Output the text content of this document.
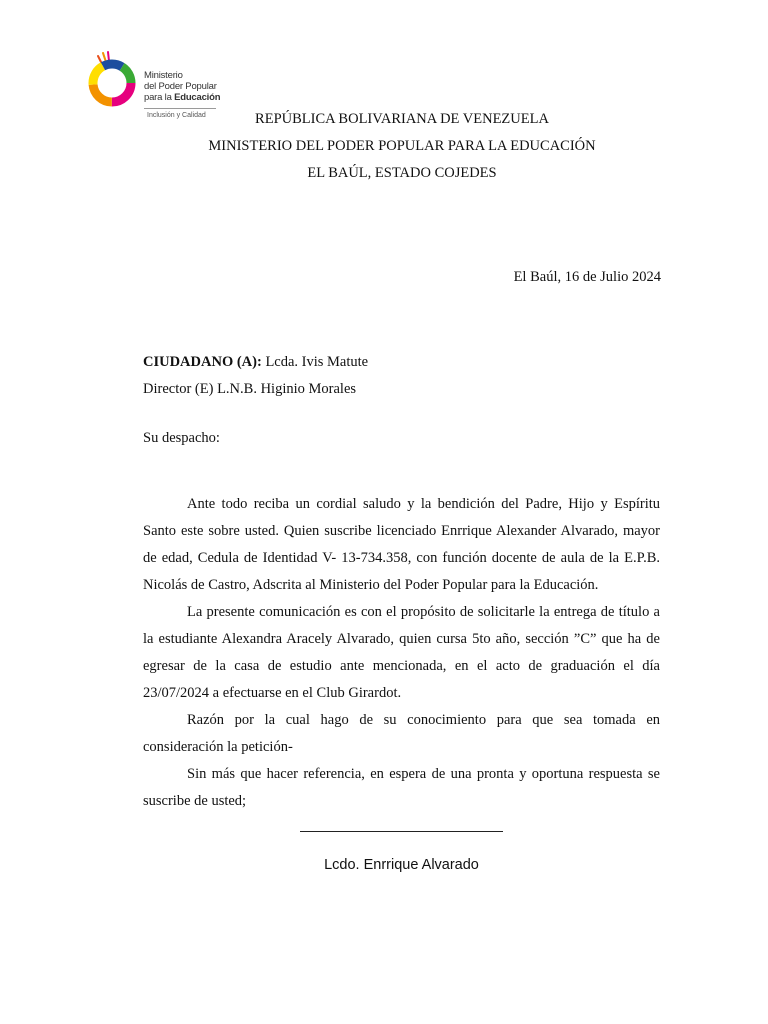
Ministerio
del Poder Popular
para la Educación
Inclusión y Calidad	REPÚBLICA BOLIVARIANA DE VENEZUELA
MINISTERIO DEL PODER POPULAR PARA LA EDUCACIÓN
EL BAÚL, ESTADO COJEDES
El Baúl, 16 de Julio 2024
CIUDADANO (A): Lcda. Ivis Matute
Director (E) L.N.B. Higinio Morales
Su despacho:

Ante todo reciba un cordial saludo y la bendición del Padre, Hijo y Espíritu Santo este sobre usted. Quien suscribe licenciado Enrrique Alexander Alvarado, mayor de edad, Cedula de Identidad V- 13-734.358, con función docente de aula de la E.P.B. Nicolás de Castro, Adscrita al Ministerio del Poder Popular para la Educación.

La presente comunicación es con el propósito de solicitarle la entrega de título a la estudiante Alexandra Aracely Alvarado, quien cursa 5to año, sección ”C” que ha de egresar de la casa de estudio ante mencionada, en el acto de graduación el día 23/07/2024 a efectuarse en el Club Girardot.

Razón por la cual hago de su conocimiento para que sea tomada en consideración la petición-

Sin más que hacer referencia, en espera de una pronta y oportuna respuesta se suscribe de usted;

Lcdo. Enrrique Alvarado
